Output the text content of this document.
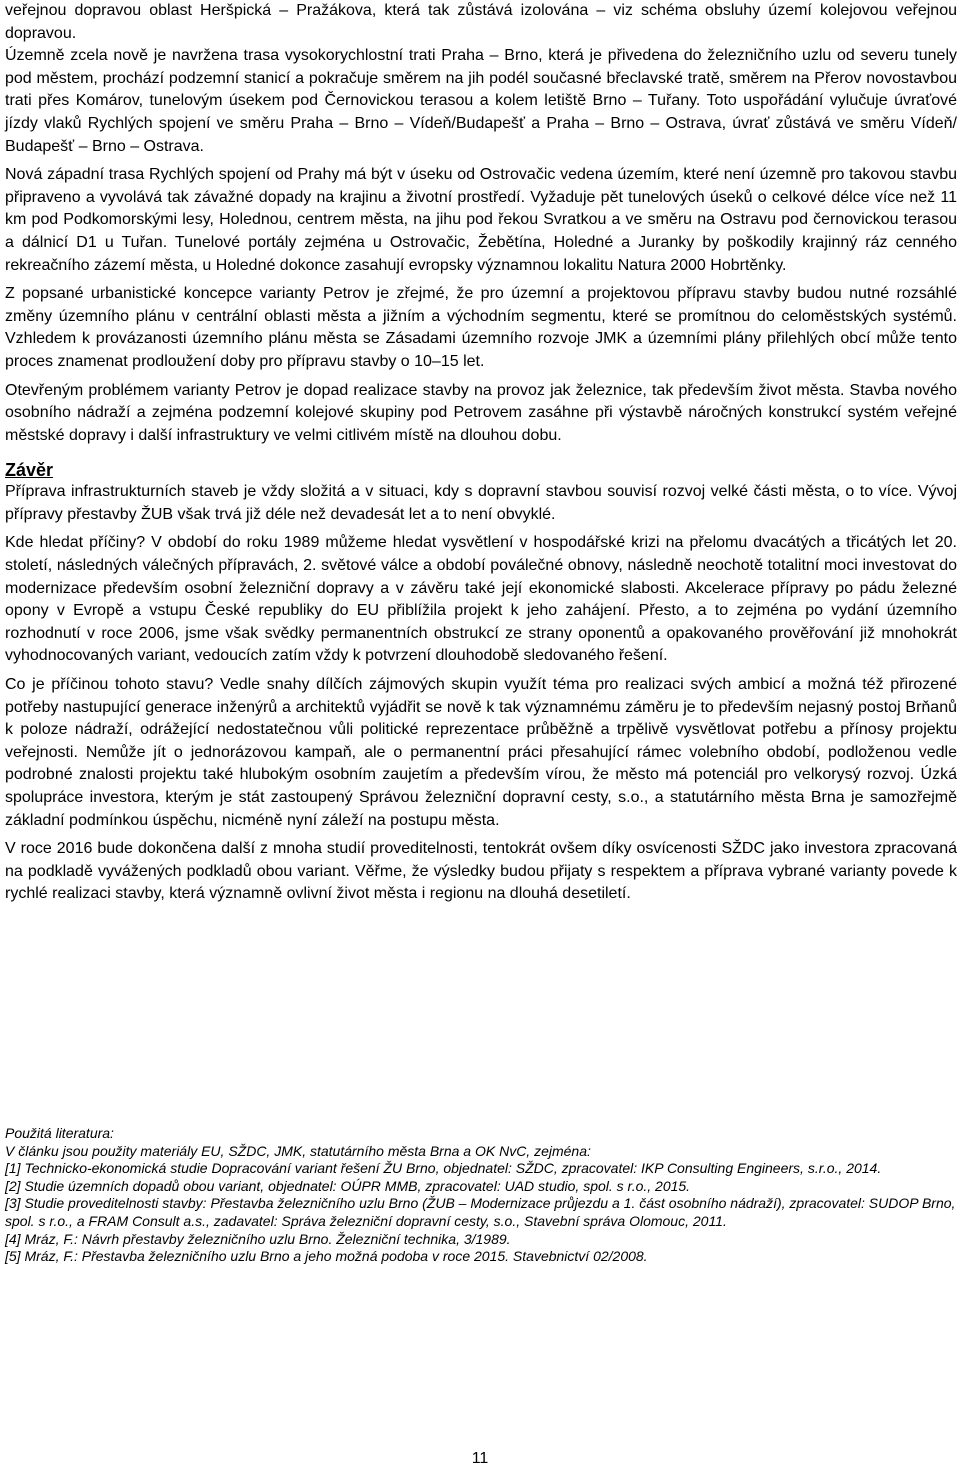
veřejnou dopravou oblast Heršpická – Pražákova, která tak zůstává izolována – viz schéma obsluhy území kolejovou veřejnou dopravou.

Územně zcela nově je navržena trasa vysokorychlostní trati Praha – Brno, která je přivedena do železničního uzlu od severu tunely pod městem, prochází podzemní stanicí a pokračuje směrem na jih podél současné břeclavské tratě, směrem na Přerov novostavbou trati přes Komárov, tunelovým úsekem pod Černovickou terasou a kolem letiště Brno – Tuřany. Toto uspořádání vylučuje úvraťové jízdy vlaků Rychlých spojení ve směru Praha – Brno – Vídeň/Budapešť a Praha – Brno – Ostrava, úvrať zůstává ve směru Vídeň/ Budapešť – Brno – Ostrava.

Nová západní trasa Rychlých spojení od Prahy má být v úseku od Ostrovačic vedena územím, které není územně pro takovou stavbu připraveno a vyvolává tak závažné dopady na krajinu a životní prostředí. Vyžaduje pět tunelových úseků o celkové délce více než 11 km pod Podkomorskými lesy, Holednou, centrem města, na jihu pod řekou Svratkou a ve směru na Ostravu pod černovickou terasou a dálnicí D1 u Tuřan. Tunelové portály zejména u Ostrovačic, Žebětína, Holedné a Juranky by poškodily krajinný ráz cenného rekreačního zázemí města, u Holedné dokonce zasahují evropsky významnou lokalitu Natura 2000 Hobrtěnky.

Z popsané urbanistické koncepce varianty Petrov je zřejmé, že pro územní a projektovou přípravu stavby budou nutné rozsáhlé změny územního plánu v centrální oblasti města a jižním a východním segmentu, které se promítnou do celoměstských systémů. Vzhledem k provázanosti územního plánu města se Zásadami územního rozvoje JMK a územními plány přilehlých obcí může tento proces znamenat prodloužení doby pro přípravu stavby o 10–15 let.

Otevřeným problémem varianty Petrov je dopad realizace stavby na provoz jak železnice, tak především život města. Stavba nového osobního nádraží a zejména podzemní kolejové skupiny pod Petrovem zasáhne při výstavbě náročných konstrukcí systém veřejné městské dopravy i další infrastruktury ve velmi citlivém místě na dlouhou dobu.

Závěr

Příprava infrastrukturních staveb je vždy složitá a v situaci, kdy s dopravní stavbou souvisí rozvoj velké části města, o to více. Vývoj přípravy přestavby ŽUB však trvá již déle než devadesát let a to není obvyklé.

Kde hledat příčiny? V období do roku 1989 můžeme hledat vysvětlení v hospodářské krizi na přelomu dvacátých a třicátých let 20. století, následných válečných přípravách, 2. světové válce a období poválečné obnovy, následně neochotě totalitní moci investovat do modernizace především osobní železniční dopravy a v závěru také její ekonomické slabosti. Akcelerace přípravy po pádu železné opony v Evropě a vstupu České republiky do EU přiblížila projekt k jeho zahájení. Přesto, a to zejména po vydání územního rozhodnutí v roce 2006, jsme však svědky permanentních obstrukcí ze strany oponentů a opakovaného prověřování již mnohokrát vyhodnocovaných variant, vedoucích zatím vždy k potvrzení dlouhodobě sledovaného řešení.

Co je příčinou tohoto stavu? Vedle snahy dílčích zájmových skupin využít téma pro realizaci svých ambicí a možná též přirozené potřeby nastupující generace inženýrů a architektů vyjádřit se nově k tak významnému záměru je to především nejasný postoj Brňanů k poloze nádraží, odrážející nedostatečnou vůli politické reprezentace průběžně a trpělivě vysvětlovat potřebu a přínosy projektu veřejnosti. Nemůže jít o jednorázovou kampaň, ale o permanentní práci přesahující rámec volebního období, podloženou vedle podrobné znalosti projektu také hlubokým osobním zaujetím a především vírou, že město má potenciál pro velkorysý rozvoj. Úzká spolupráce investora, kterým je stát zastoupený Správou železniční dopravní cesty, s.o., a statutárního města Brna je samozřejmě základní podmínkou úspěchu, nicméně nyní záleží na postupu města.

V roce 2016 bude dokončena další z mnoha studií proveditelnosti, tentokrát ovšem díky osvícenosti SŽDC jako investora zpracovaná na podkladě vyvážených podkladů obou variant. Věřme, že výsledky budou přijaty s respektem a příprava vybrané varianty povede k rychlé realizaci stavby, která významně ovlivní život města i regionu na dlouhá desetiletí.

Použitá literatura:

V článku jsou použity materiály EU, SŽDC, JMK, statutárního města Brna a OK NvC, zejména:

[1] Technicko-ekonomická studie Dopracování variant řešení ŽU Brno, objednatel: SŽDC, zpracovatel: IKP Consulting Engineers, s.r.o., 2014.

[2] Studie územních dopadů obou variant, objednatel: OÚPR MMB, zpracovatel: UAD studio, spol. s r.o., 2015.

[3] Studie proveditelnosti stavby: Přestavba železničního uzlu Brno (ŽUB – Modernizace průjezdu a 1. část osobního nádraží), zpracovatel: SUDOP Brno, spol. s r.o., a FRAM Consult a.s., zadavatel: Správa železniční dopravní cesty, s.o., Stavební správa Olomouc, 2011.

[4] Mráz, F.: Návrh přestavby železničního uzlu Brno. Železniční technika, 3/1989.

[5] Mráz, F.: Přestavba železničního uzlu Brno a jeho možná podoba v roce 2015. Stavebnictví 02/2008.

11
